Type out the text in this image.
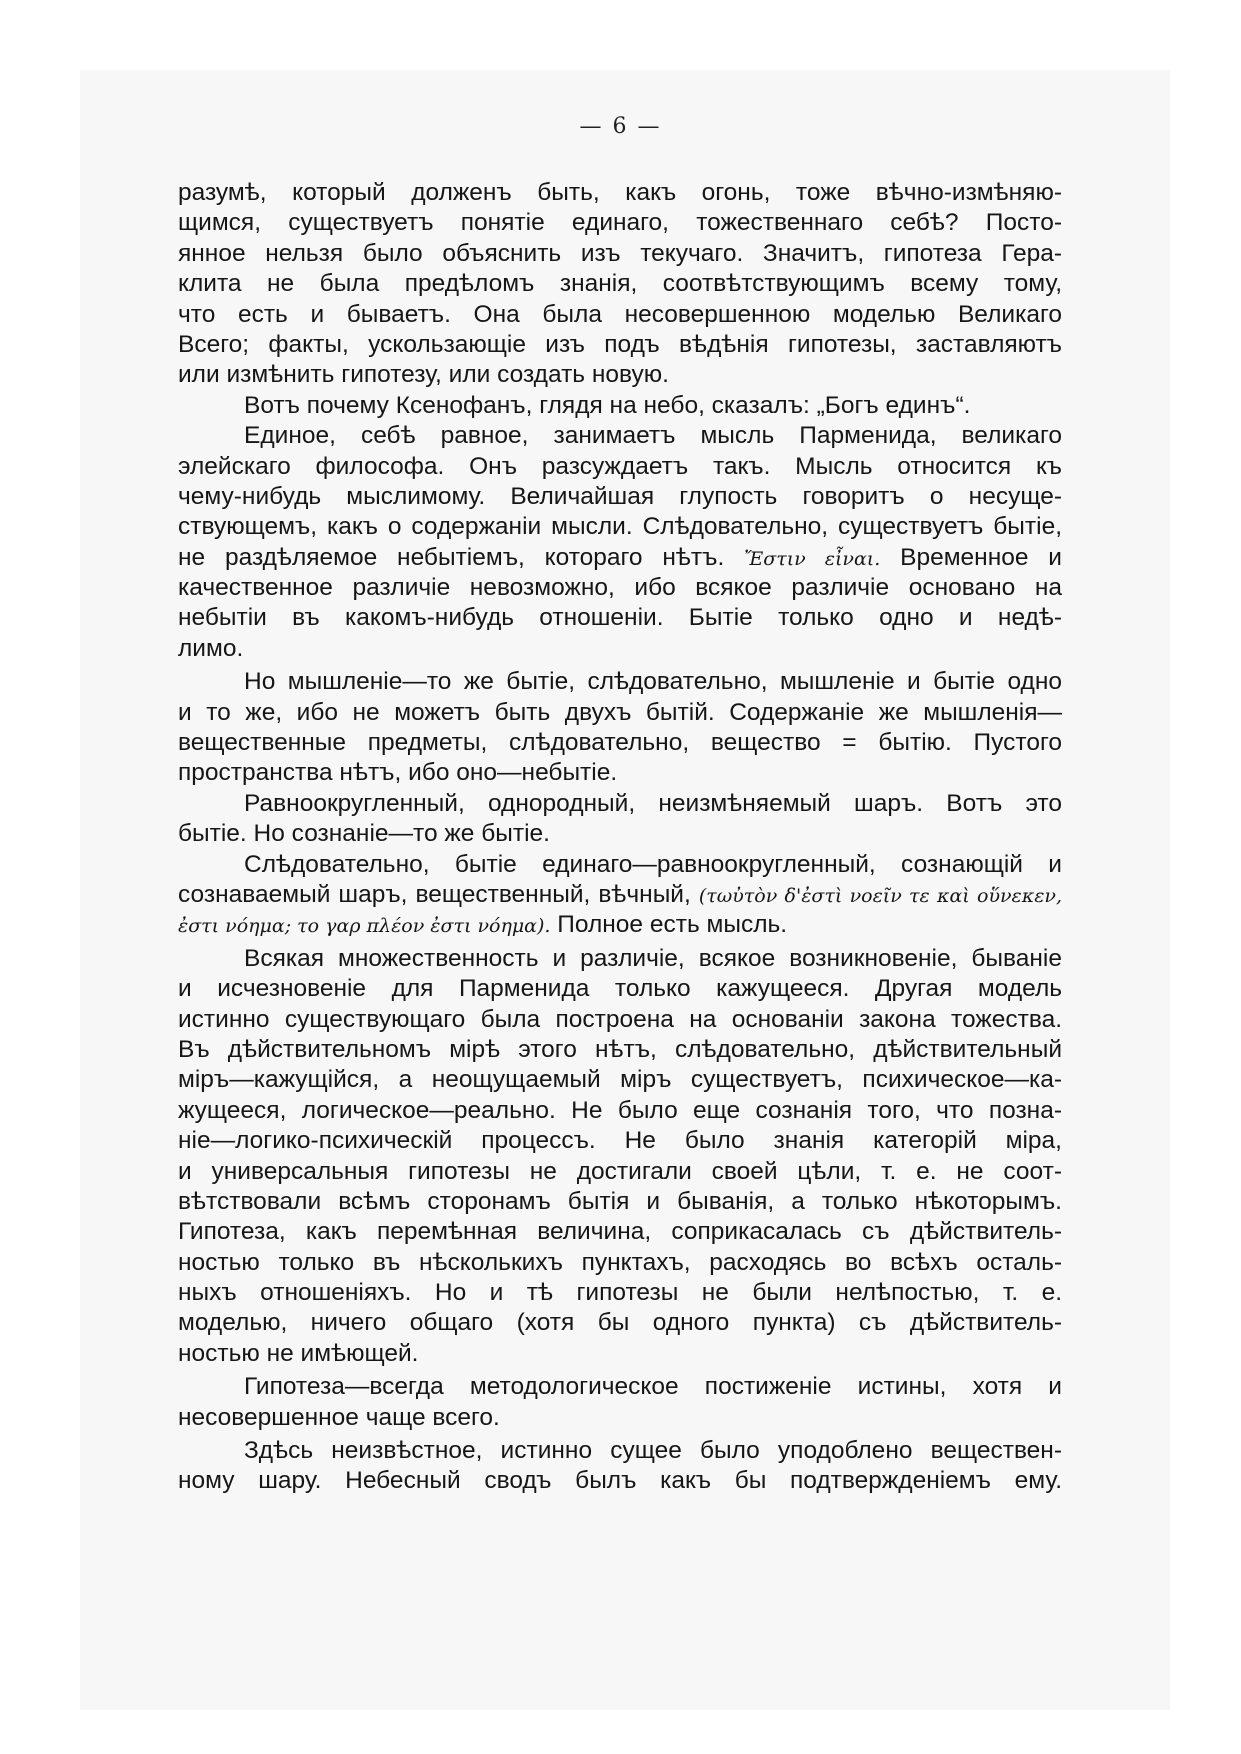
— 6 —
разумѣ, который долженъ быть, какъ огонь, тоже вѣчно-измѣняю-
щимся, существуетъ понятіе единаго, тожественнаго себѣ? Посто-
янное нельзя было объяснить изъ текучаго. Значитъ, гипотеза Гера-
клита не была предѣломъ знанія, соотвѣтствующимъ всему тому,
что есть и бываетъ. Она была несовершенною моделью Великаго
Всего; факты, ускользающіе изъ подъ вѣдѣнія гипотезы, заставляютъ
или измѣнить гипотезу, или создать новую.
Вотъ почему Ксенофанъ, глядя на небо, сказалъ: „Богъ единъ“.
Единое, себѣ равное, занимаетъ мысль Парменида, великаго
элейскаго философа. Онъ разсуждаетъ такъ. Мысль относится къ
чему-нибудь мыслимому. Величайшая глупость говоритъ о несуще-
ствующемъ, какъ о содержаніи мысли. Слѣдовательно, существуетъ бытіе,
не раздѣляемое небытіемъ, котораго нѣтъ. Ἔστιν εἶναι. Временное и
качественное различіе невозможно, ибо всякое различіе основано на
небытіи въ какомъ-нибудь отношеніи. Бытіе только одно и недѣ-
лимо.
Но мышленіе—то же бытіе, слѣдовательно, мышленіе и бытіе одно
и то же, ибо не можетъ быть двухъ бытій. Содержаніе же мышленія—
вещественные предметы, слѣдовательно, вещество = бытію. Пустого
пространства нѣтъ, ибо оно—небытіе.
Равноокругленный, однородный, неизмѣняемый шаръ. Вотъ это
бытіе. Но сознаніе—то же бытіе.
Слѣдовательно, бытіе единаго—равноокругленный, сознающій и
сознаваемый шаръ, вещественный, вѣчный, (τωὐτὸν δ'ἐστὶ νοεῖν τε καὶ οὕνεκεν,
ἐστι νόημα; το γαρ πλέον ἐστι νόημα). Полное есть мысль.
Всякая множественность и различіе, всякое возникновеніе, бываніе
и исчезновеніе для Парменида только кажущееся. Другая модель
истинно существующаго была построена на основаніи закона тожества.
Въ дѣйствительномъ мірѣ этого нѣтъ, слѣдовательно, дѣйствительный
міръ—кажущійся, а неощущаемый міръ существуетъ, психическое—ка-
жущееся, логическое—реально. Не было еще сознанія того, что позна-
ніе—логико-психическій процессъ. Не было знанія категорій міра,
и универсальныя гипотезы не достигали своей цѣли, т. е. не соот-
вѣтствовали всѣмъ сторонамъ бытія и быванія, а только нѣкоторымъ.
Гипотеза, какъ перемѣнная величина, соприкасалась съ дѣйствитель-
ностью только въ нѣсколькихъ пунктахъ, расходясь во всѣхъ осталь-
ныхъ отношеніяхъ. Но и тѣ гипотезы не были нелѣпостью, т. е.
моделью, ничего общаго (хотя бы одного пункта) съ дѣйствитель-
ностью не имѣющей.
Гипотеза—всегда методологическое постиженіе истины, хотя и
несовершенное чаще всего.
Здѣсь неизвѣстное, истинно сущее было уподоблено веществен-
ному шару. Небесный сводъ былъ какъ бы подтвержденіемъ ему.
